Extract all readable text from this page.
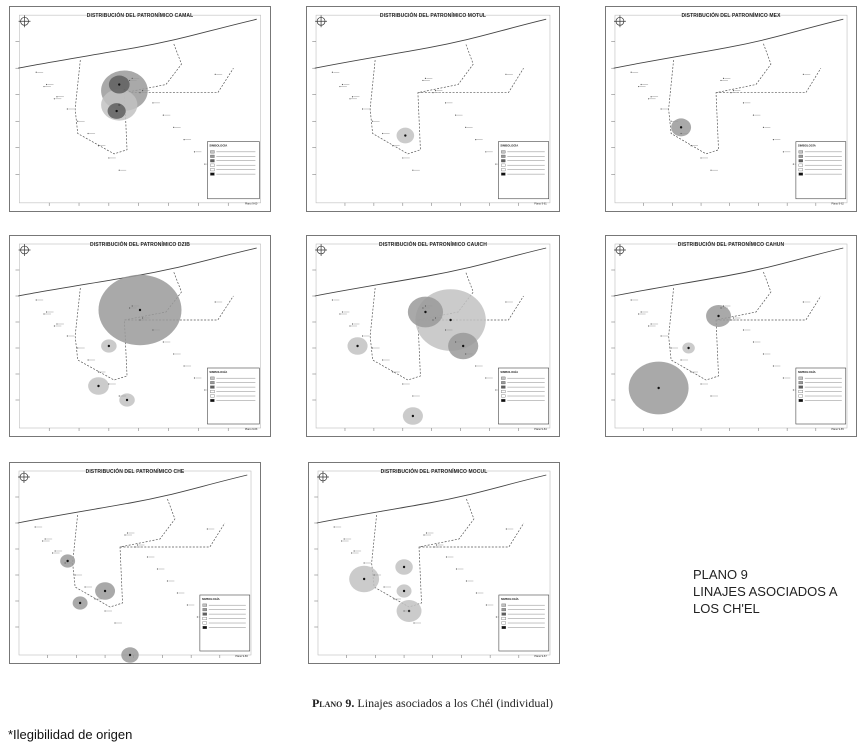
SIMBOLOGÍA
Plano 9-60
DISTRIBUCIÓN DEL PATRONÍMICO CAMAL
SIMBOLOGÍA
Plano 9-61
DISTRIBUCIÓN DEL PATRONÍMICO MOTUL
SIMBOLOGÍA
Plano 9-62
DISTRIBUCIÓN DEL PATRONÍMICO MEX
SIMBOLOGÍA
Plano 9-63
DISTRIBUCIÓN DEL PATRONÍMICO DZIB
SIMBOLOGÍA
Plano 9-64
DISTRIBUCIÓN DEL PATRONÍMICO CAUICH
SIMBOLOGÍA
Plano 9-65
DISTRIBUCIÓN DEL PATRONÍMICO CAHUN
SIMBOLOGÍA
Plano 9-66
DISTRIBUCIÓN DEL PATRONÍMICO CHE
SIMBOLOGÍA
Plano 9-67
DISTRIBUCIÓN DEL PATRONÍMICO MOCUL
PLANO 9
LINAJES ASOCIADOS A
LOS CH'EL
Plano 9. Linajes asociados a los Chél (individual)
*Ilegibilidad de origen
